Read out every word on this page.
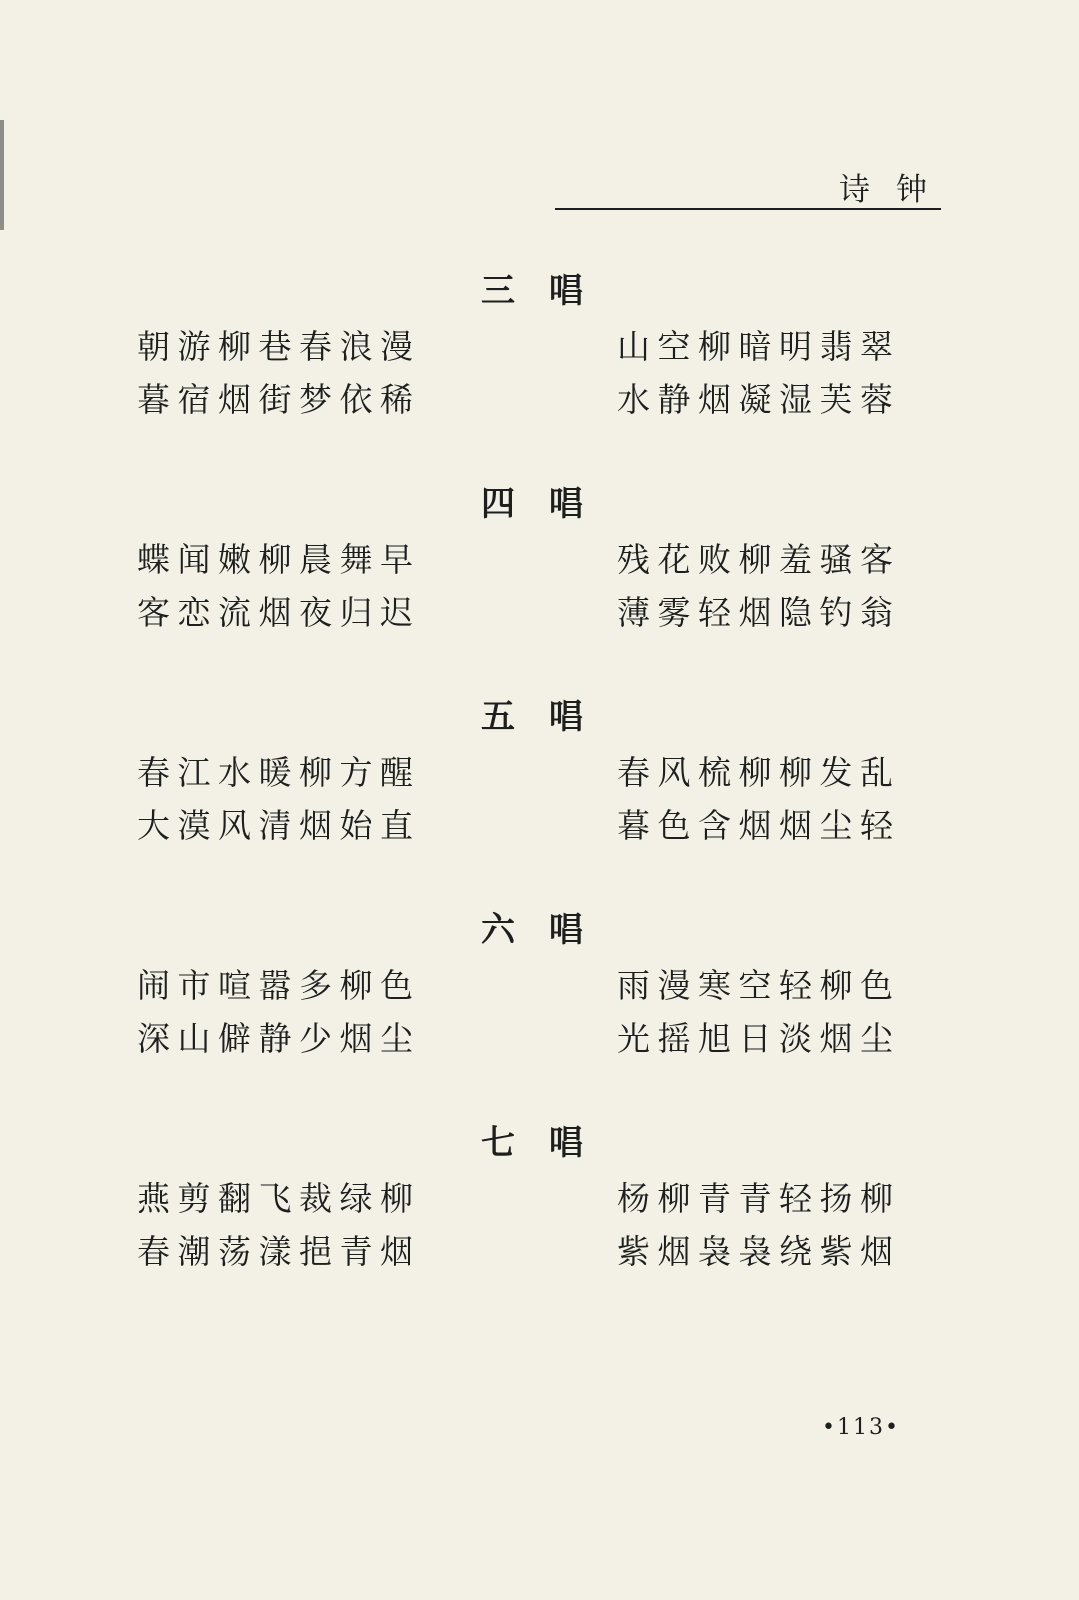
诗钟
三唱
朝游柳巷春浪漫
暮宿烟街梦依稀
山空柳暗明翡翠
水静烟凝湿芙蓉
四唱
蝶闻嫩柳晨舞早
客恋流烟夜归迟
残花败柳羞骚客
薄雾轻烟隐钓翁
五唱
春江水暖柳方醒
大漠风清烟始直
春风梳柳柳发乱
暮色含烟烟尘轻
六唱
闹市喧嚣多柳色
深山僻静少烟尘
雨漫寒空轻柳色
光摇旭日淡烟尘
七唱
燕剪翻飞裁绿柳
春潮荡漾挹青烟
杨柳青青轻扬柳
紫烟袅袅绕紫烟
•113•
